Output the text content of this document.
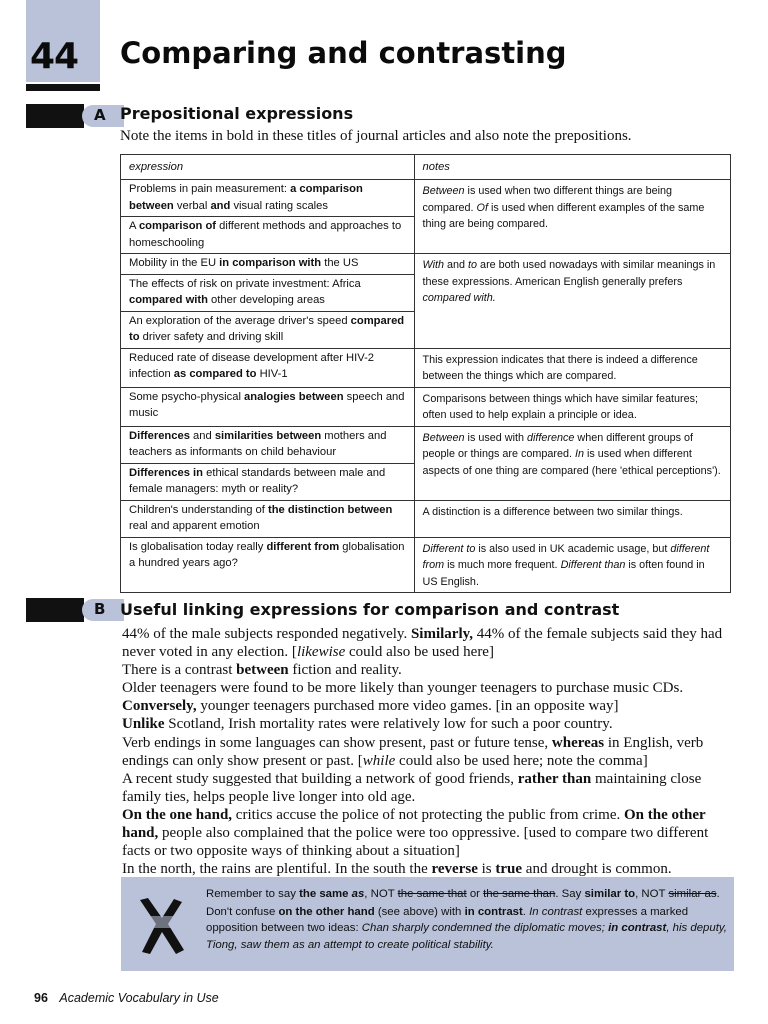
44 Comparing and contrasting
A Prepositional expressions

Note the items in bold in these titles of journal articles and also note the prepositions.

expression	notes
Problems in pain measurement: a comparison between verbal and visual rating scales	Between is used when two different things are being compared. Of is used when different examples of the same thing are being compared.
A comparison of different methods and approaches to homeschooling	
Mobility in the EU in comparison with the US	With and to are both used nowadays with similar meanings in these expressions. American English generally prefers compared with.
The effects of risk on private investment: Africa compared with other developing areas	
An exploration of the average driver's speed compared to driver safety and driving skill	
Reduced rate of disease development after HIV-2 infection as compared to HIV-1	This expression indicates that there is indeed a difference between the things which are compared.
Some psycho-physical analogies between speech and music	Comparisons between things which have similar features; often used to help explain a principle or idea.
Differences and similarities between mothers and teachers as informants on child behaviour	Between is used with difference when different groups of people or things are compared. In is used when different aspects of one thing are compared (here 'ethical perceptions').
Differences in ethical standards between male and female managers: myth or reality?	
Children's understanding of the distinction between real and apparent emotion	A distinction is a difference between two similar things.
Is globalisation today really different from globalisation a hundred years ago?	Different to is also used in UK academic usage, but different from is much more frequent. Different than is often found in US English.
B Useful linking expressions for comparison and contrast

44% of the male subjects responded negatively. Similarly, 44% of the female subjects said they had never voted in any election. [likewise could also be used here]

There is a contrast between fiction and reality.

Older teenagers were found to be more likely than younger teenagers to purchase music CDs. Conversely, younger teenagers purchased more video games. [in an opposite way]

Unlike Scotland, Irish mortality rates were relatively low for such a poor country.

Verb endings in some languages can show present, past or future tense, whereas in English, verb endings can only show present or past. [while could also be used here; note the comma]

A recent study suggested that building a network of good friends, rather than maintaining close family ties, helps people live longer into old age.

On the one hand, critics accuse the police of not protecting the public from crime. On the other hand, people also complained that the police were too oppressive. [used to compare two different facts or two opposite ways of thinking about a situation]

In the north, the rains are plentiful. In the south the reverse is true and drought is common.

Remember to say the same as, NOT the same that or the same than. Say similar to, NOT similar as.

Don't confuse on the other hand (see above) with in contrast. In contrast expresses a marked opposition between two ideas: Chan sharply condemned the diplomatic moves; in contrast, his deputy, Tiong, saw them as an attempt to create political stability.

96 Academic Vocabulary in Use
